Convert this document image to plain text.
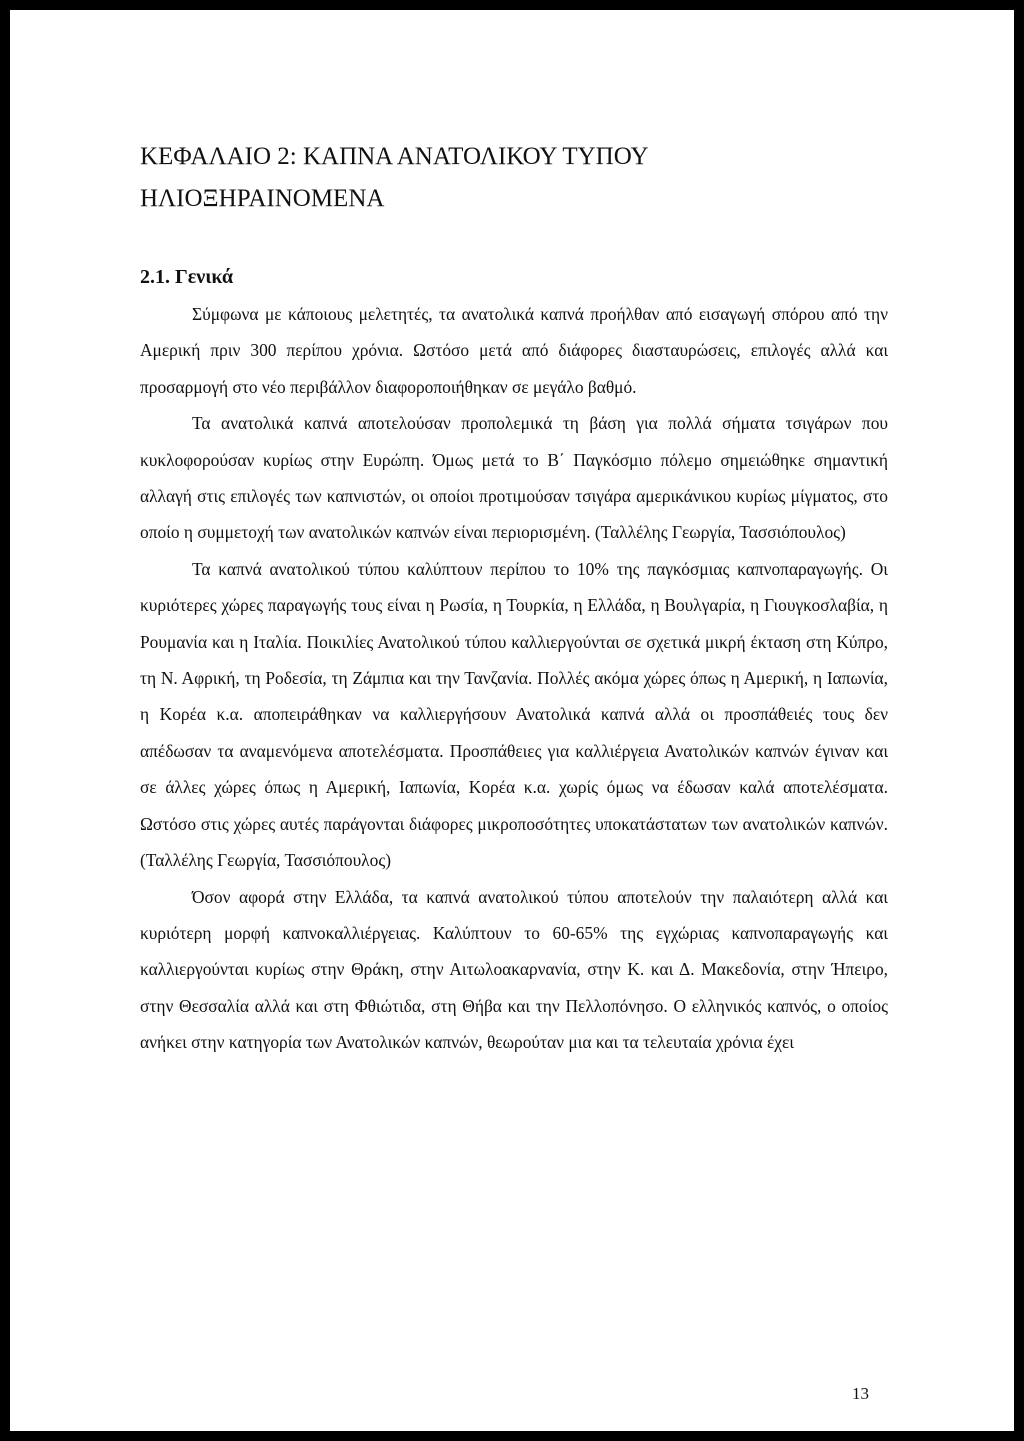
ΚΕΦΑΛΑΙΟ 2: ΚΑΠΝΑ ΑΝΑΤΟΛΙΚΟΥ ΤΥΠΟΥ
ΗΛΙΟΞΗΡΑΙΝΟΜΕΝΑ
2.1. Γενικά

Σύμφωνα με κάποιους μελετητές, τα ανατολικά καπνά προήλθαν από εισαγωγή σπόρου από την Αμερική πριν 300 περίπου χρόνια. Ωστόσο μετά από διάφορες διασταυρώσεις, επιλογές αλλά και προσαρμογή στο νέο περιβάλλον διαφοροποιήθηκαν σε μεγάλο βαθμό.

Τα ανατολικά καπνά αποτελούσαν προπολεμικά τη βάση για πολλά σήματα τσιγάρων που κυκλοφορούσαν κυρίως στην Ευρώπη. Όμως μετά το Β΄ Παγκόσμιο πόλεμο σημειώθηκε σημαντική αλλαγή στις επιλογές των καπνιστών, οι οποίοι προτιμούσαν τσιγάρα αμερικάνικου κυρίως μίγματος, στο οποίο η συμμετοχή των ανατολικών καπνών είναι περιορισμένη. (Ταλλέλης Γεωργία, Τασσιόπουλος)

Τα καπνά ανατολικού τύπου καλύπτουν περίπου το 10% της παγκόσμιας καπνοπαραγωγής. Οι κυριότερες χώρες παραγωγής τους είναι η Ρωσία, η Τουρκία, η Ελλάδα, η Βουλγαρία, η Γιουγκοσλαβία, η Ρουμανία και η Ιταλία. Ποικιλίες Ανατολικού τύπου καλλιεργούνται σε σχετικά μικρή έκταση στη Κύπρο, τη Ν. Αφρική, τη Ροδεσία, τη Ζάμπια και την Τανζανία. Πολλές ακόμα χώρες όπως η Αμερική, η Ιαπωνία, η Κορέα κ.α. αποπειράθηκαν να καλλιεργήσουν Ανατολικά καπνά αλλά οι προσπάθειές τους δεν απέδωσαν τα αναμενόμενα αποτελέσματα. Προσπάθειες για καλλιέργεια Ανατολικών καπνών έγιναν και σε άλλες χώρες όπως η Αμερική, Ιαπωνία, Κορέα κ.α. χωρίς όμως να έδωσαν καλά αποτελέσματα. Ωστόσο στις χώρες αυτές παράγονται διάφορες μικροποσότητες υποκατάστατων των ανατολικών καπνών. (Ταλλέλης Γεωργία, Τασσιόπουλος)

Όσον αφορά στην Ελλάδα, τα καπνά ανατολικού τύπου αποτελούν την παλαιότερη αλλά και κυριότερη μορφή καπνοκαλλιέργειας. Καλύπτουν το 60-65% της εγχώριας καπνοπαραγωγής και καλλιεργούνται κυρίως στην Θράκη, στην Αιτωλοακαρνανία, στην Κ. και Δ. Μακεδονία, στην Ήπειρο, στην Θεσσαλία αλλά και στη Φθιώτιδα, στη Θήβα και την Πελλοπόνησο. Ο ελληνικός καπνός, ο οποίος ανήκει στην κατηγορία των Ανατολικών καπνών, θεωρούταν μια και τα τελευταία χρόνια έχει

13
